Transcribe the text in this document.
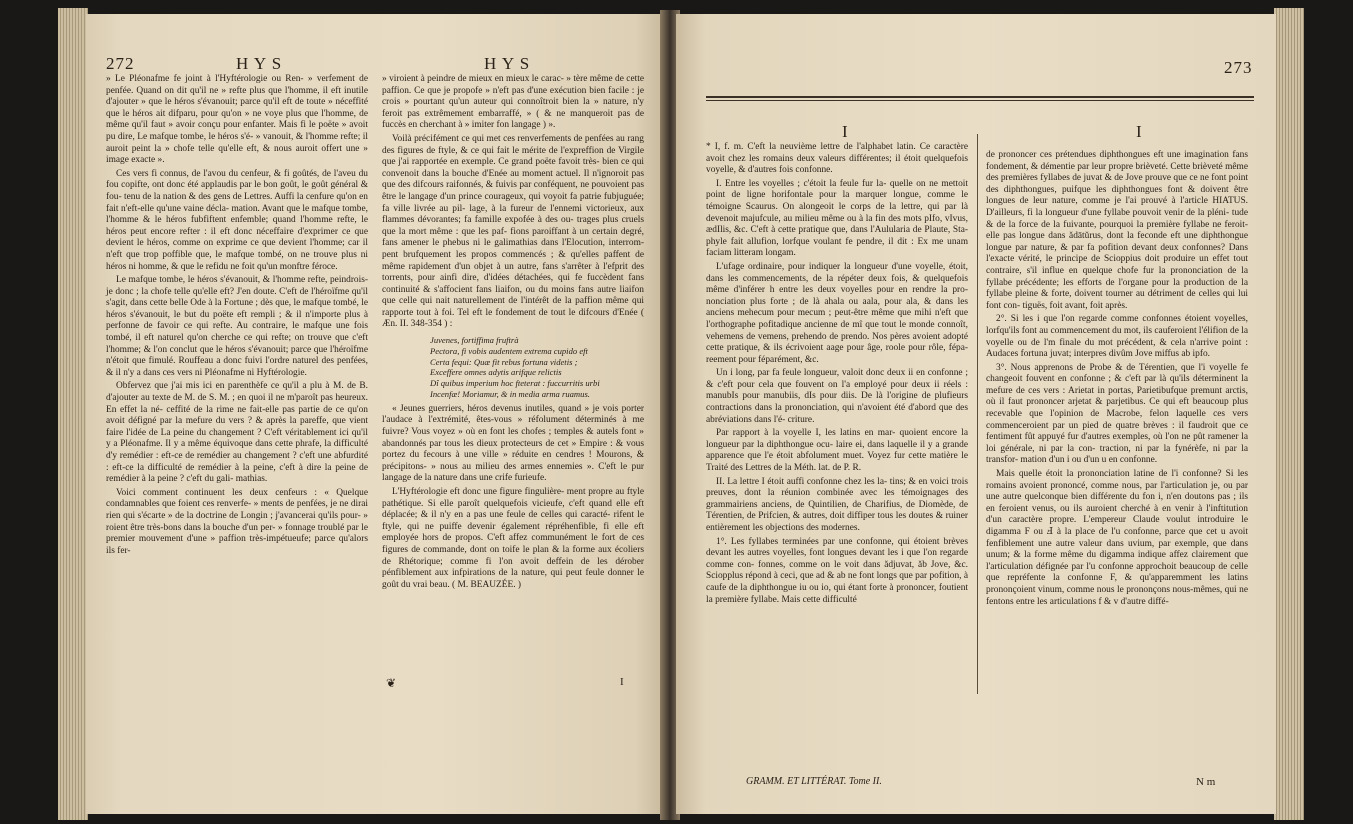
272	H Y S	H Y S

» Le Pléonafme fe joint à l'Hyftérologie ou Ren- » verfement de penfée. Quand on dit qu'il ne » refte plus que l'homme, il eft inutile d'ajouter » que le héros s'évanouit; parce qu'il eft de toute » néceffité que le héros ait difparu, pour qu'on » ne voye plus que l'homme, de même qu'il faut » avoir conçu pour enfanter. Mais fi le poëte » avoit pu dire, Le mafque tombe, le héros s'é- » vanouit, & l'homme refte; il auroit peint la » chofe telle qu'elle eft, & nous auroit offert une » image exacte ».

Ces vers fi connus, de l'avou du cenfeur, & fi goûtés, de l'aveu du fou copifte, ont donc été applaudis par le bon goût, le goût général & fou- tenu de la nation & des gens de Lettres. Auffi la cenfure qu'on en fait n'eft-elle qu'une vaine décla- mation. Avant que le mafque tombe, l'homme & le héros fubfiftent enfemble; quand l'homme refte, le héros peut encore refter : il eft donc néceffaire d'exprimer ce que devient le héros, comme on exprime ce que devient l'homme; car il n'eft que trop poffible que, le mafque tombé, on ne trouve plus ni héros ni homme, & que le refidu ne foit qu'un monftre féroce.

Le mafque tombe, le héros s'évanouit, & l'homme refte, peindrois-je donc ; la chofe telle qu'elle eft? J'en doute. C'eft de l'héroïfme qu'il s'agit, dans cette belle Ode à la Fortune ; dès que, le mafque tombé, le héros s'évanouit, le but du poëte eft rempli ; & il n'importe plus à perfonne de favoir ce qui refte. Au contraire, le mafque une fois tombé, il eft naturel qu'on cherche ce qui refte; on trouve que c'eft l'homme; & l'on conclut que le héros s'évanouit; parce que l'héroïfme n'étoit que fimulé. Rouffeau a donc fuivi l'ordre naturel des penfées, & il n'y a dans ces vers ni Pléonafme ni Hyftérologie.

Obfervez que j'ai mis ici en parenthèfe ce qu'il a plu à M. de B. d'ajouter au texte de M. de S. M. ; en quoi il ne m'paroît pas heureux. En effet la né- ceffité de la rime ne fait-elle pas partie de ce qu'on avoit défigné par la mefure du vers ? & après la pareffe, que vient faire l'idée de La peine du changement ? C'eft véritablement ici qu'il y a Pléonafme. Il y a même équivoque dans cette phrafe, la difficulté d'y remédier : eft-ce de remédier au changement ? c'eft une abfurdité : eft-ce la difficulté de remédier à la peine, c'eft à dire la peine de remédier à la peine ? c'eft du gali- mathias.

Voici comment continuent les deux cenfeurs : « Quelque condamnables que foient ces renverfe- » ments de penfées, je ne dirai rien qui s'écarte » de la doctrine de Longin ; j'avancerai qu'ils pour- » roient être très-bons dans la bouche d'un per- » fonnage troublé par le premier mouvement d'une » paffion très-impétueufe; parce qu'alors ils fer-

» viroient à peindre de mieux en mieux le carac- » tère même de cette paffion. Ce que je propofe » n'eft pas d'une exécution bien facile : je crois » pourtant qu'un auteur qui connoîtroit bien la » nature, n'y feroit pas extrêmement embarraffé, » ( & ne manqueroit pas de fuccès en cherchant à » imiter fon langage ) ».

Voilà précifément ce qui met ces renverfements de penfées au rang des figures de ftyle, & ce qui fait le mérite de l'expreffion de Virgile que j'ai rapportée en exemple. Ce grand poëte favoit très- bien ce qui convenoit dans la bouche d'Enée au moment actuel. Il n'ignoroit pas que des difcours raifonnés, & fuivis par conféquent, ne pouvoient pas être le langage d'un prince courageux, qui voyoit fa patrie fubjuguée; fa ville livrée au pil- lage, à la fureur de l'ennemi victorieux, aux flammes dévorantes; fa famille expofée à des ou- trages plus cruels que la mort même : que les paf- fions paroiffant à un certain degré, fans amener le phebus ni le galimathias dans l'Elocution, interrom- pent brufquement les propos commencés ; & qu'elles paffent de même rapidement d'un objet à un autre, fans s'arrêter à l'efprit des torrents, pour ainfi dire, d'idées détachées, qui fe fuccèdent fans continuité & s'affocient fans liaifon, ou du moins fans autre liaifon que celle qui nait naturellement de l'intérêt de la paffion même qui rapporte tout à foi. Tel eft le fondement de tout le difcours d'Enée ( Æn. II. 348-354 ) :

Juvenes, fortiffima fruftrà
Pectora, fi vobis audentem extrema cupido eft
Certa fequi: Quæ fit rebus fortuna videtis ;
Exceffere omnes adytis arifque relictis
Dî quibus imperium hoc fteterat : fuccurritis urbi
Incenfæ! Moriamur, & in media arma ruamus.

« Jeunes guerriers, héros devenus inutiles, quand » je vois porter l'audace à l'extrémité, êtes-vous » réfolument déterminés à me fuivre? Vous voyez » où en font les chofes ; temples & autels font » abandonnés par tous les dieux protecteurs de cet » Empire : & vous portez du fecours à une ville » réduite en cendres ! Mourons, & précipitons- » nous au milieu des armes ennemies ». C'eft le pur langage de la nature dans une crife furieufe.

L'Hyftérologie eft donc une figure fingulière- ment propre au ftyle pathétique. Si elle paroît quelquefois vicieufe, c'eft quand elle eft déplacée; & il n'y en a pas une feule de celles qui caracté- rifent le ftyle, qui ne puiffe devenir également répréhenfible, fi elle eft employée hors de propos. C'eft affez communément le fort de ces figures de commande, dont on toife le plan & la forme aux écoliers de Rhétorique; comme fi l'on avoit deffein de les dérober pénfiblement aux infpirations de la nature, qui peut feule donner le goût du vrai beau. ( M. BEAUZÉE. )

❦	I
273
I	I

* I, f. m. C'eft la neuvième lettre de l'alphabet latin. Ce caractère avoit chez les romains deux valeurs différentes; il étoit quelquefois voyelle, & d'autres fois confonne.

I. Entre les voyelles ; c'étoit la feule fur la- quelle on ne mettoit point de ligne horifontale pour la marquer longue, comme le témoigne Scaurus. On alongeoit le corps de la lettre, qui par là devenoit majufcule, au milieu même ou à la fin des mots pIfo, vIvus, ædIlis, &c. C'eft à cette pratique que, dans l'Aulularia de Plaute, Sta- phyle fait allufion, lorfque voulant fe pendre, il dit : Ex me unam faciam litteram longam.

L'ufage ordinaire, pour indiquer la longueur d'une voyelle, étoit, dans les commencements, de la répéter deux fois, & quelquefois même d'inférer h entre les deux voyelles pour en rendre la pro- nonciation plus forte ; de là ahala ou aala, pour ala, & dans les anciens mehecum pour mecum ; peut-être même que mihi n'eft que l'orthographe pofitadique ancienne de mî que tout le monde connoît, vehemens de vemens, prehendo de prendo. Nos pères avoient adopté cette pratique, & ils écrivoient aage pour âge, roole pour rôle, fépa- reement pour féparément, &c.

Un i long, par fa feule longueur, valoit donc deux ii en confonne ; & c'eft pour cela que fouvent on l'a employé pour deux ii réels : manubIs pour manubiis, dIs pour diis. De là l'origine de plufieurs contractions dans la prononciation, qui n'avoient été d'abord que des abréviations dans l'é- criture.

Par rapport à la voyelle I, les latins en mar- quoient encore la longueur par la diphthongue ocu- laire ei, dans laquelle il y a grande apparence que l'e étoit abfolument muet. Voyez fur cette matière le Traité des Lettres de la Méth. lat. de P. R.

II. La lettre I étoit auffi confonne chez les la- tins; & en voici trois preuves, dont la réunion combinée avec les témoignages des grammairiens anciens, de Quintilien, de Charifius, de Diomède, de Térentien, de Prifcien, & autres, doit diffiper tous les doutes & ruiner entièrement les objections des modernes.

1°. Les fyllabes terminées par une confonne, qui étoient brèves devant les autres voyelles, font longues devant les i que l'on regarde comme con- fonnes, comme on le voit dans ădjuvat, ăb Jove, &c. Sciopplus répond à ceci, que ad & ab ne font longs que par pofition, à caufe de la diphthongue iu ou io, qui étant forte à prononcer, foutient la première fyllabe. Mais cette difficulté

de prononcer ces prétendues diphthongues eft une imagination fans fondement, & démentie par leur propre brièveté. Cette brièveté même des premières fyllabes de juvat & de Jove prouve que ce ne font point des diphthongues, puifque les diphthongues font & doivent être longues de leur nature, comme je l'ai prouvé à l'article HIATUS. D'ailleurs, fi la longueur d'une fyllabe pouvoit venir de la pléni- tude & de la force de la fuivante, pourquoi la première fyllabe ne feroit-elle pas longue dans ădātŭrus, dont la feconde eft une diphthongue longue par nature, & par fa pofition devant deux confonnes? Dans l'exacte vérité, le principe de Scioppius doit produire un effet tout contraire, s'il influe en quelque chofe fur la prononciation de la fyllabe précédente; les efforts de l'organe pour la production de la fyllabe pleine & forte, doivent tourner au détriment de celles qui lui font con- tiguës, foit avant, foit après.

2°. Si les i que l'on regarde comme confonnes étoient voyelles, lorfqu'ils font au commencement du mot, ils cauferoient l'élifion de la voyelle ou de l'm finale du mot précédent, & cela n'arrive point : Audaces fortuna juvat; interpres divûm Jove miffus ab ipfo.

3°. Nous apprenons de Probe & de Térentien, que l'i voyelle fe changeoit fouvent en confonne ; & c'eft par là qu'ils déterminent la mefure de ces vers : Arietat in portas, Parietibufque premunt arctis, où il faut prononcer arjetat & parjetibus. Ce qui eft beaucoup plus recevable que l'opinion de Macrobe, felon laquelle ces vers commenceroient par un pied de quatre brèves : il faudroit que ce fentiment fût appuyé fur d'autres exemples, où l'on ne pût ramener la loi générale, ni par la con- traction, ni par la fynérèfe, ni par la transfor- mation d'un i ou d'un u en confonne.

Mais quelle étoit la prononciation latine de l'i confonne? Si les romains avoient prononcé, comme nous, par l'articulation je, ou par une autre quelconque bien différente du fon i, n'en doutons pas ; ils en feroient venus, ou ils auroient cherché à en venir à l'inftitution d'un caractère propre. L'empereur Claude voulut introduire le digamma F ou Ⅎ à la place de l'u confonne, parce que cet u avoit fenfiblement une autre valeur dans uvium, par exemple, que dans unum; & la forme même du digamma indique affez clairement que l'articulation défignée par l'u confonne approchoit beaucoup de celle que repréfente la confonne F, & qu'apparemment les latins prononçoient vinum, comme nous le prononçons nous-mêmes, qui ne fentons entre les articulations f & v d'autre diffé-

GRAMM. ET LITTÉRAT. Tome II.	N m
